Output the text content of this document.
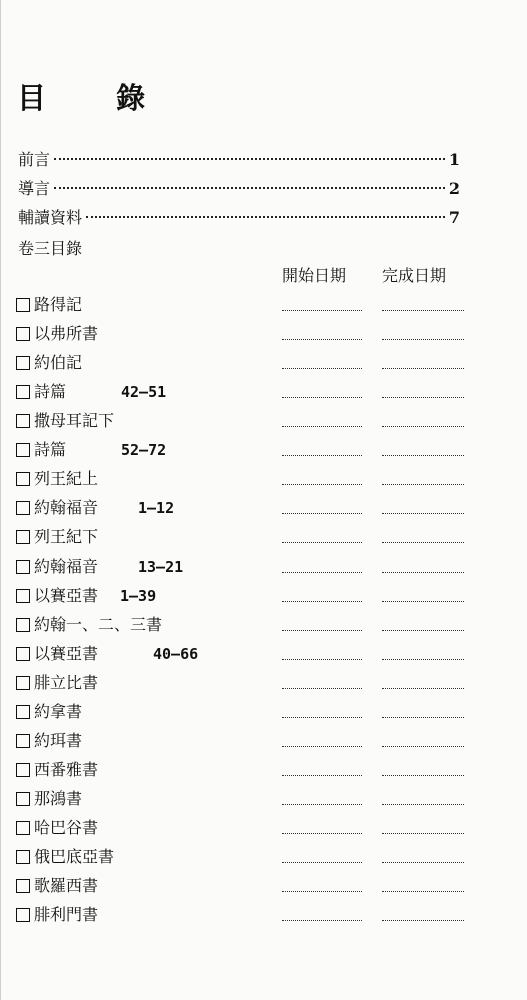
目 錄
前言	1
導言	2
輔讀資料	7
卷三目錄
開始日期 完成日期
路得記
以弗所書
約伯記
詩篇	42—51
撒母耳記下
詩篇	52—72
列王紀上
約翰福音	1—12
列王紀下
約翰福音	13—21
以賽亞書 1—39
約翰一、二、三書
以賽亞書	40—66
腓立比書
約拿書
約珥書
西番雅書
那鴻書
哈巴谷書
俄巴底亞書
歌羅西書
腓利門書
